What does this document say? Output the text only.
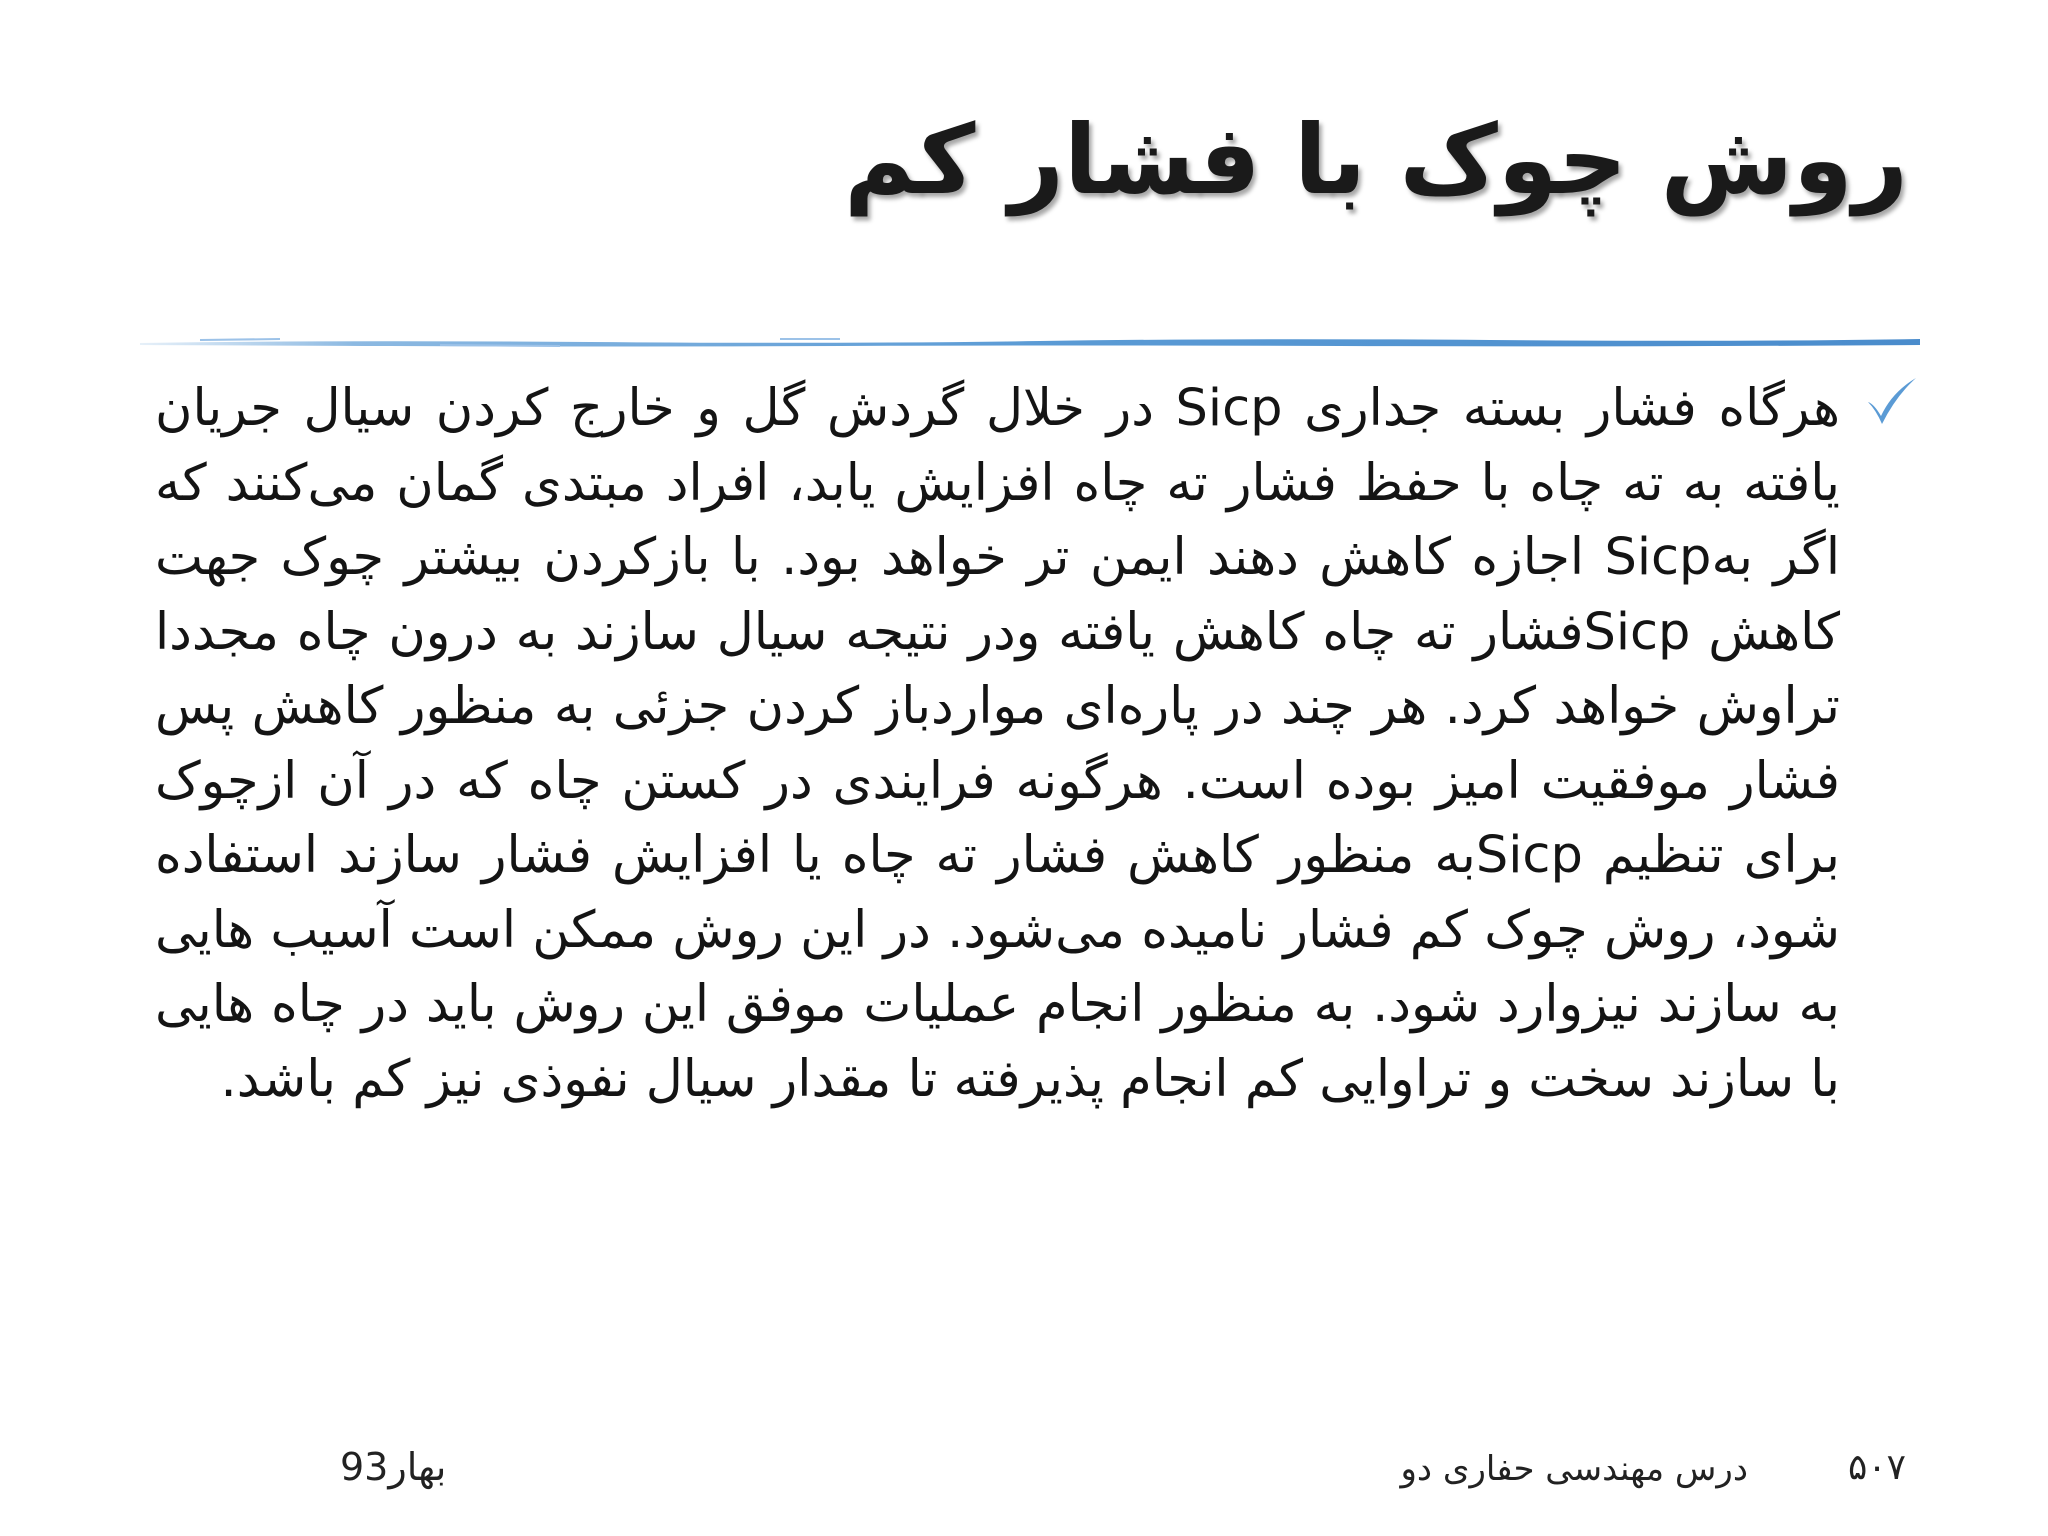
روش چوک با فشار کم

هرگاه فشار بسته جداری Sicp در خلال گردش گل و خارج کردن سیال جریان یافته به ته چاه با حفظ فشار ته چاه افزایش یابد، افراد مبتدی گمان می‌کنند که اگر بهSicp اجازه کاهش دهند ایمن تر خواهد بود. با بازکردن بیشتر چوک جهت کاهش Sicpفشار ته چاه کاهش یافته ودر نتیجه سیال سازند به درون چاه مجددا تراوش خواهد کرد. هر چند در پاره‌ای مواردباز کردن جزئی به منظور کاهش پس فشار موفقیت امیز بوده است. هرگونه فرایندی در کستن چاه که در آن ازچوک برای تنظیم Sicpبه منظور کاهش فشار ته چاه یا افزایش فشار سازند استفاده شود، روش چوک کم فشار نامیده می‌شود. در این روش ممکن است آسیب هایی به سازند نیزوارد شود. به منظور انجام عملیات موفق این روش باید در چاه هایی با سازند سخت و تراوایی کم انجام پذیرفته تا مقدار سیال نفوذی نیز کم باشد.

۵۰۷
درس مهندسی حفاری دو
بهار93
